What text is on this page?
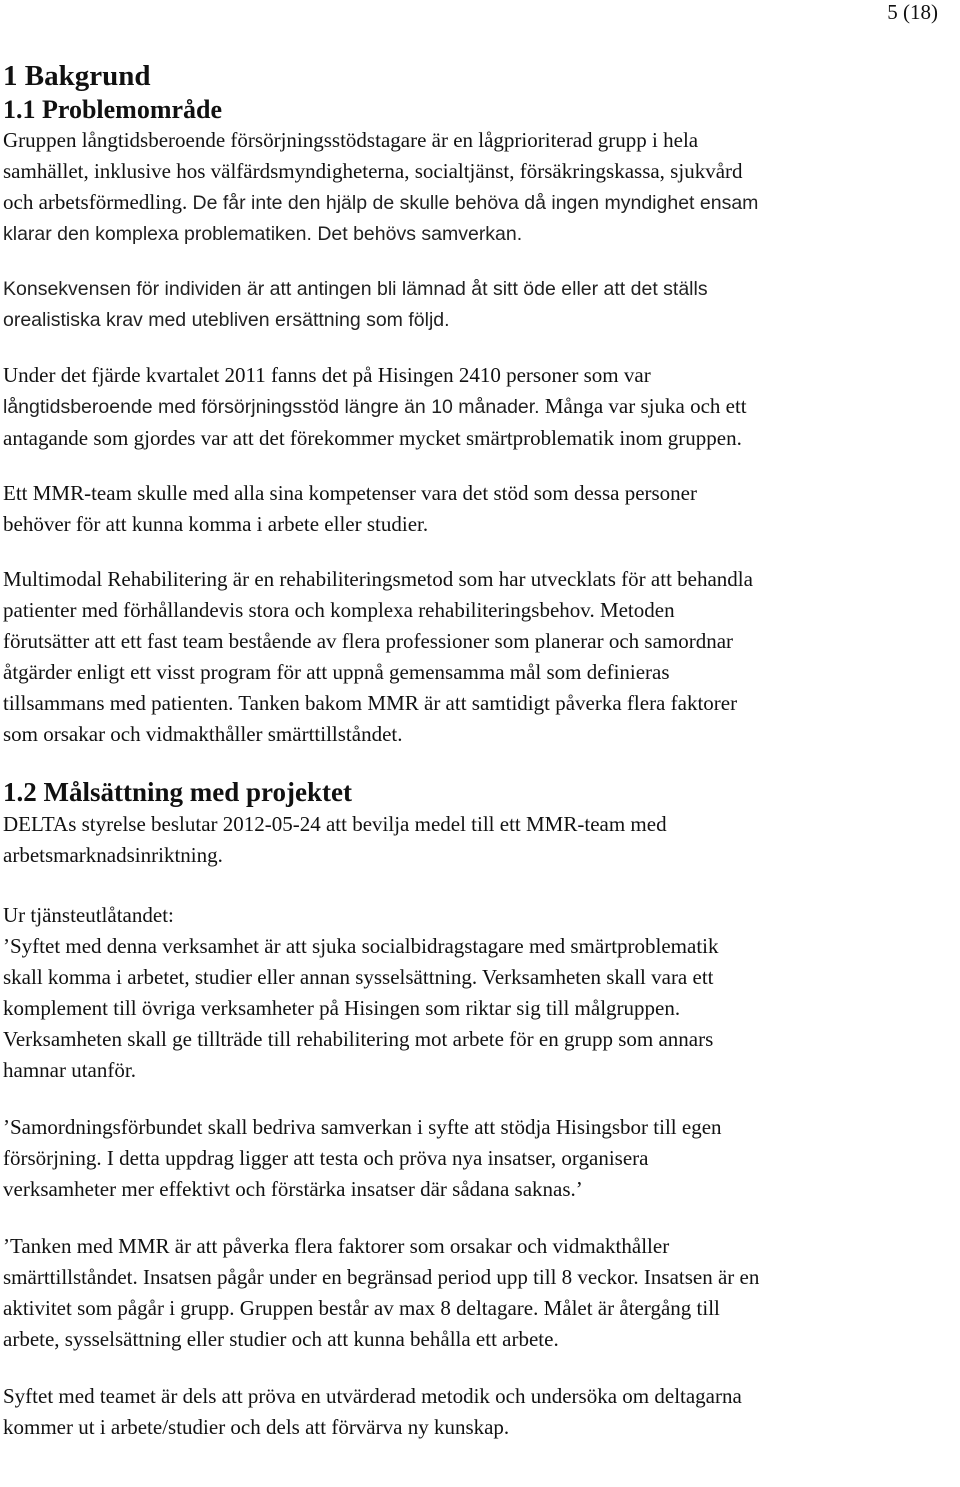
5 (18)
1 Bakgrund
1.1 Problemområde

Gruppen långtidsberoende försörjningsstödstagare är en lågprioriterad grupp i hela

samhället, inklusive hos välfärdsmyndigheterna, socialtjänst, försäkringskassa, sjukvård

och arbetsförmedling. De får inte den hjälp de skulle behöva då ingen myndighet ensam

klarar den komplexa problematiken. Det behövs samverkan.

Konsekvensen för individen är att antingen bli lämnad åt sitt öde eller att det ställs

orealistiska krav med utebliven ersättning som följd.

Under det fjärde kvartalet 2011 fanns det på Hisingen 2410 personer som var

långtidsberoende med försörjningsstöd längre än 10 månader. Många var sjuka och ett

antagande som gjordes var att det förekommer mycket smärtproblematik inom gruppen.

Ett MMR-team skulle med alla sina kompetenser vara det stöd som dessa personer

behöver för att kunna komma i arbete eller studier.

Multimodal Rehabilitering är en rehabiliteringsmetod som har utvecklats för att behandla

patienter med förhållandevis stora och komplexa rehabiliteringsbehov. Metoden

förutsätter att ett fast team bestående av flera professioner som planerar och samordnar

åtgärder enligt ett visst program för att uppnå gemensamma mål som definieras

tillsammans med patienten. Tanken bakom MMR är att samtidigt påverka flera faktorer

som orsakar och vidmakthåller smärttillståndet.

1.2 Målsättning med projektet

DELTAs styrelse beslutar 2012-05-24 att bevilja medel till ett MMR-team med

arbetsmarknadsinriktning.

Ur tjänsteutlåtandet:

’Syftet med denna verksamhet är att sjuka socialbidragstagare med smärtproblematik

skall komma i arbetet, studier eller annan sysselsättning. Verksamheten skall vara ett

komplement till övriga verksamheter på Hisingen som riktar sig till målgruppen.

Verksamheten skall ge tillträde till rehabilitering mot arbete för en grupp som annars

hamnar utanför.

’Samordningsförbundet skall bedriva samverkan i syfte att stödja Hisingsbor till egen

försörjning. I detta uppdrag ligger att testa och pröva nya insatser, organisera

verksamheter mer effektivt och förstärka insatser där sådana saknas.’

’Tanken med MMR är att påverka flera faktorer som orsakar och vidmakthåller

smärttillståndet. Insatsen pågår under en begränsad period upp till 8 veckor. Insatsen är en

aktivitet som pågår i grupp. Gruppen består av max 8 deltagare. Målet är återgång till

arbete, sysselsättning eller studier och att kunna behålla ett arbete.

Syftet med teamet är dels att pröva en utvärderad metodik och undersöka om deltagarna

kommer ut i arbete/studier och dels att förvärva ny kunskap.
